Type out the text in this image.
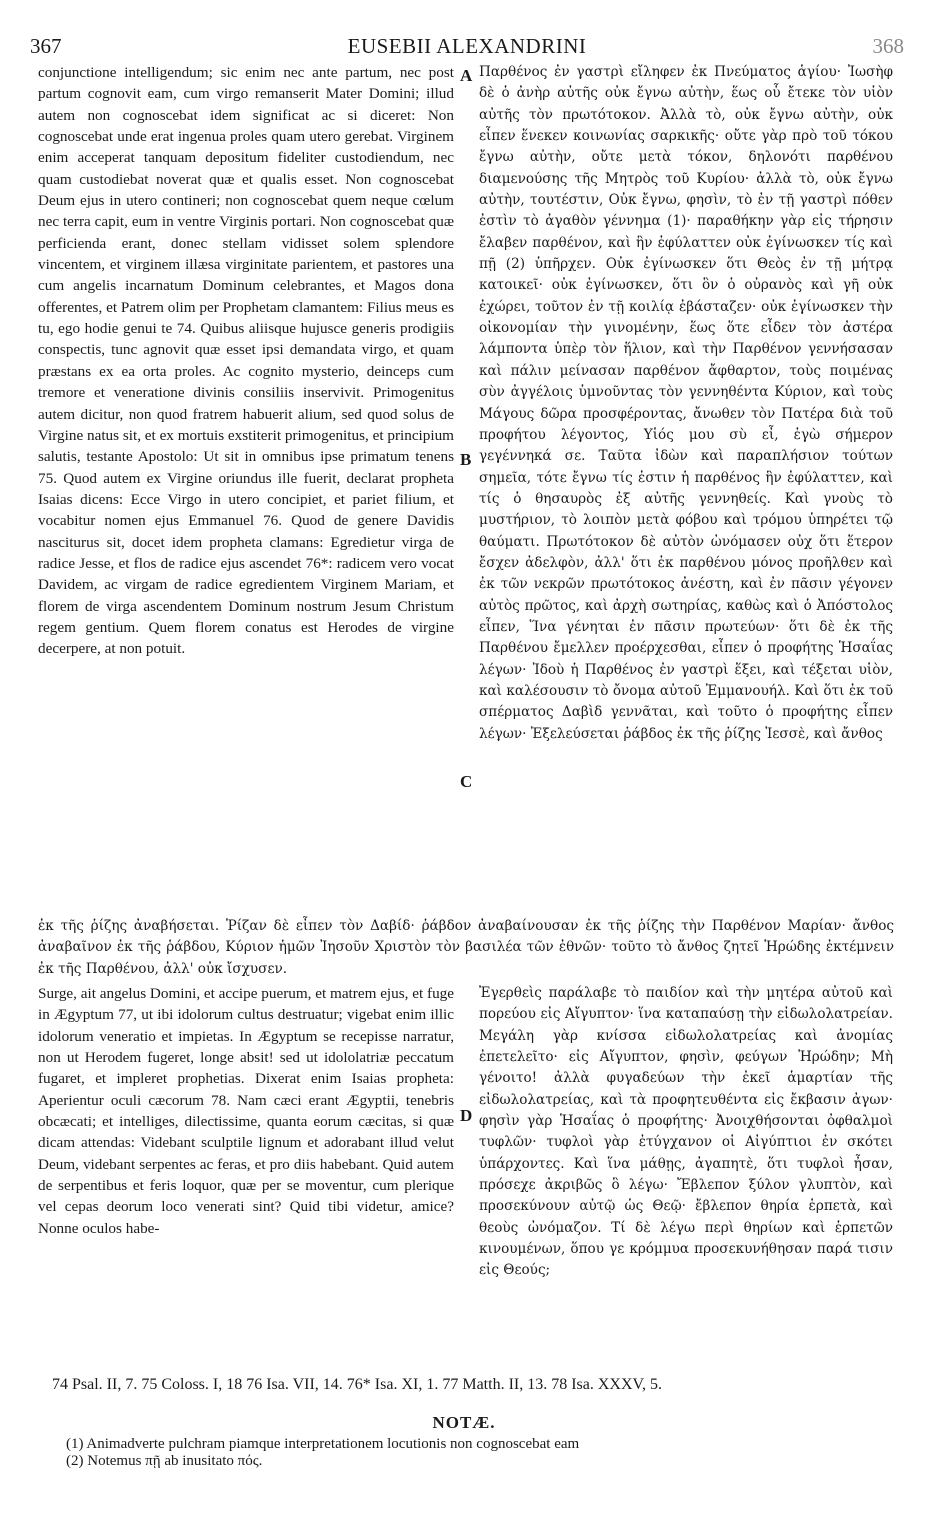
367	EUSEBII ALEXANDRINI	368

conjunctione intelligendum; sic enim nec ante partum, nec post partum cognovit eam, cum virgo remanserit Mater Domini; illud autem non cognoscebat idem significat ac si diceret: Non cognoscebat unde erat ingenua proles quam utero gerebat. Virginem enim acceperat tanquam depositum fideliter custodiendum, nec quam custodiebat noverat quæ et qualis esset. Non cognoscebat Deum ejus in utero contineri; non cognoscebat quem neque cœlum nec terra capit, eum in ventre Virginis portari. Non cognoscebat quæ perficienda erant, donec stellam vidisset solem splendore vincentem, et virginem illæsa virginitate parientem, et pastores una cum angelis incarnatum Dominum celebrantes, et Magos dona offerentes, et Patrem olim per Prophetam clamantem: Filius meus es tu, ego hodie genui te 74. Quibus aliisque hujusce generis prodigiis conspectis, tunc agnovit quæ esset ipsi demandata virgo, et quam præstans ex ea orta proles. Ac cognito mysterio, deinceps cum tremore et veneratione divinis consiliis inservivit. Primogenitus autem dicitur, non quod fratrem habuerit alium, sed quod solus de Virgine natus sit, et ex mortuis exstiterit primogenitus, et principium salutis, testante Apostolo: Ut sit in omnibus ipse primatum tenens 75. Quod autem ex Virgine oriundus ille fuerit, declarat propheta Isaias dicens: Ecce Virgo in utero concipiet, et pariet filium, et vocabitur nomen ejus Emmanuel 76. Quod de genere Davidis nasciturus sit, docet idem propheta clamans: Egredietur virga de radice Jesse, et flos de radice ejus ascendet 76*: radicem vero vocat Davidem, ac virgam de radice egredientem Virginem Mariam, et florem de virga ascendentem Dominum nostrum Jesum Christum regem gentium. Quem florem conatus est Herodes de virgine decerpere, at non potuit.

Παρθένος ἐν γαστρὶ εἴληφεν ἐκ Πνεύματος ἁγίου· Ἰωσὴφ δὲ ὁ ἀνὴρ αὐτῆς οὐκ ἔγνω αὐτὴν, ἕως οὗ ἔτεκε τὸν υἱὸν αὐτῆς τὸν πρωτότοκον. Ἀλλὰ τὸ, οὐκ ἔγνω αὐτὴν, οὐκ εἶπεν ἕνεκεν κοινωνίας σαρκικῆς· οὔτε γὰρ πρὸ τοῦ τόκου ἔγνω αὐτὴν, οὔτε μετὰ τόκον, δηλονότι παρθένου διαμενούσης τῆς Μητρὸς τοῦ Κυρίου· ἀλλὰ τὸ, οὐκ ἔγνω αὐτὴν, τουτέστιν, Οὐκ ἔγνω, φησὶν, τὸ ἐν τῇ γαστρὶ πόθεν ἐστὶν τὸ ἀγαθὸν γέννημα (1)· παραθήκην γὰρ εἰς τήρησιν ἔλαβεν παρθένον, καὶ ἣν ἐφύλαττεν οὐκ ἐγίνωσκεν τίς καὶ πῇ (2) ὑπῆρχεν. Οὐκ ἐγίνωσκεν ὅτι Θεὸς ἐν τῇ μήτρᾳ κατοικεῖ· οὐκ ἐγίνωσκεν, ὅτι ὃν ὁ οὐρανὸς καὶ γῆ οὐκ ἐχώρει, τοῦτον ἐν τῇ κοιλίᾳ ἐβάσταζεν· οὐκ ἐγίνωσκεν τὴν οἰκονομίαν τὴν γινομένην, ἕως ὅτε εἶδεν τὸν ἀστέρα λάμποντα ὑπὲρ τὸν ἥλιον, καὶ τὴν Παρθένον γεννήσασαν καὶ πάλιν μείνασαν παρθένον ἄφθαρτον, τοὺς ποιμένας σὺν ἀγγέλοις ὑμνοῦντας τὸν γεννηθέντα Κύριον, καὶ τοὺς Μάγους δῶρα προσφέροντας, ἄνωθεν τὸν Πατέρα διὰ τοῦ προφήτου λέγοντος, Υἱός μου σὺ εἶ, ἐγὼ σήμερον γεγέννηκά σε. Ταῦτα ἰδὼν καὶ παραπλήσιον τούτων σημεῖα, τότε ἔγνω τίς ἐστιν ἡ παρθένος ἣν ἐφύλαττεν, καὶ τίς ὁ θησαυρὸς ἐξ αὐτῆς γεννηθείς. Καὶ γνοὺς τὸ μυστήριον, τὸ λοιπὸν μετὰ φόβου καὶ τρόμου ὑπηρέτει τῷ θαύματι. Πρωτότοκον δὲ αὐτὸν ὠνόμασεν οὐχ ὅτι ἕτερον ἔσχεν ἀδελφὸν, ἀλλ' ὅτι ἐκ παρθένου μόνος προῆλθεν καὶ ἐκ τῶν νεκρῶν πρωτότοκος ἀνέστη, καὶ ἐν πᾶσιν γέγονεν αὐτὸς πρῶτος, καὶ ἀρχὴ σωτηρίας, καθὼς καὶ ὁ Ἀπόστολος εἶπεν, Ἵνα γένηται ἐν πᾶσιν πρωτεύων· ὅτι δὲ ἐκ τῆς Παρθένου ἔμελλεν προέρχεσθαι, εἶπεν ὁ προφήτης Ἡσαΐας λέγων· Ἰδοὺ ἡ Παρθένος ἐν γαστρὶ ἕξει, καὶ τέξεται υἱὸν, καὶ καλέσουσιν τὸ ὄνομα αὐτοῦ Ἐμμανουήλ. Καὶ ὅτι ἐκ τοῦ σπέρματος Δαβὶδ γεννᾶται, καὶ τοῦτο ὁ προφήτης εἶπεν λέγων· Ἐξελεύσεται ῥάβδος ἐκ τῆς ῥίζης Ἰεσσὲ, καὶ ἄνθος

A
B
C
D

ἐκ τῆς ῥίζης ἀναβήσεται. Ῥίζαν δὲ εἶπεν τὸν Δαβίδ· ῥάβδον ἀναβαίνουσαν ἐκ τῆς ῥίζης τὴν Παρθένον Μαρίαν· ἄνθος ἀναβαῖνον ἐκ τῆς ῥάβδου, Κύριον ἡμῶν Ἰησοῦν Χριστὸν τὸν βασιλέα τῶν ἐθνῶν· τοῦτο τὸ ἄνθος ζητεῖ Ἡρώδης ἐκτέμνειν ἐκ τῆς Παρθένου, ἀλλ' οὐκ ἴσχυσεν.

Surge, ait angelus Domini, et accipe puerum, et matrem ejus, et fuge in Ægyptum 77, ut ibi idolorum cultus destruatur; vigebat enim illic idolorum veneratio et impietas. In Ægyptum se recepisse narratur, non ut Herodem fugeret, longe absit! sed ut idololatriæ peccatum fugaret, et impleret prophetias. Dixerat enim Isaias propheta: Aperientur oculi cæcorum 78. Nam cæci erant Ægyptii, tenebris obcæcati; et intelliges, dilectissime, quanta eorum cæcitas, si quæ dicam attendas: Videbant sculptile lignum et adorabant illud velut Deum, videbant serpentes ac feras, et pro diis habebant. Quid autem de serpentibus et feris loquor, quæ per se moventur, cum plerique vel cepas deorum loco venerati sint? Quid tibi videtur, amice? Nonne oculos habe-

Ἐγερθεὶς παράλαβε τὸ παιδίον καὶ τὴν μητέρα αὐτοῦ καὶ πορεύου εἰς Αἴγυπτον· ἵνα καταπαύσῃ τὴν εἰδωλολατρείαν. Μεγάλη γὰρ κνίσσα εἰδωλολατρείας καὶ ἀνομίας ἐπετελεῖτο· εἰς Αἴγυπτον, φησὶν, φεύγων Ἡρώδην; Μὴ γένοιτο! ἀλλὰ φυγαδεύων τὴν ἐκεῖ ἁμαρτίαν τῆς εἰδωλολατρείας, καὶ τὰ προφητευθέντα εἰς ἔκβασιν ἀγων· φησὶν γὰρ Ἡσαΐας ὁ προφήτης· Ἀνοιχθήσονται ὀφθαλμοὶ τυφλῶν· τυφλοὶ γὰρ ἐτύγχανον οἱ Αἰγύπτιοι ἐν σκότει ὑπάρχοντες. Καὶ ἵνα μάθῃς, ἀγαπητὲ, ὅτι τυφλοὶ ἦσαν, πρόσεχε ἀκριβῶς ὃ λέγω· Ἔβλεπον ξύλον γλυπτὸν, καὶ προσεκύνουν αὐτῷ ὡς Θεῷ· ἔβλεπον θηρία ἑρπετὰ, καὶ θεοὺς ὠνόμαζον. Τί δὲ λέγω περὶ θηρίων καὶ ἑρπετῶν κινουμένων, ὅπου γε κρόμμυα προσεκυνήθησαν παρά τισιν εἰς Θεούς;

74 Psal. II, 7. 75 Coloss. I, 18 76 Isa. VII, 14. 76* Isa. XI, 1. 77 Matth. II, 13. 78 Isa. XXXV, 5.
NOTÆ.
(1) Animadverte pulchram piamque interpretationem locutionis non cognoscebat eam
(2) Notemus πῇ ab inusitato πός.
